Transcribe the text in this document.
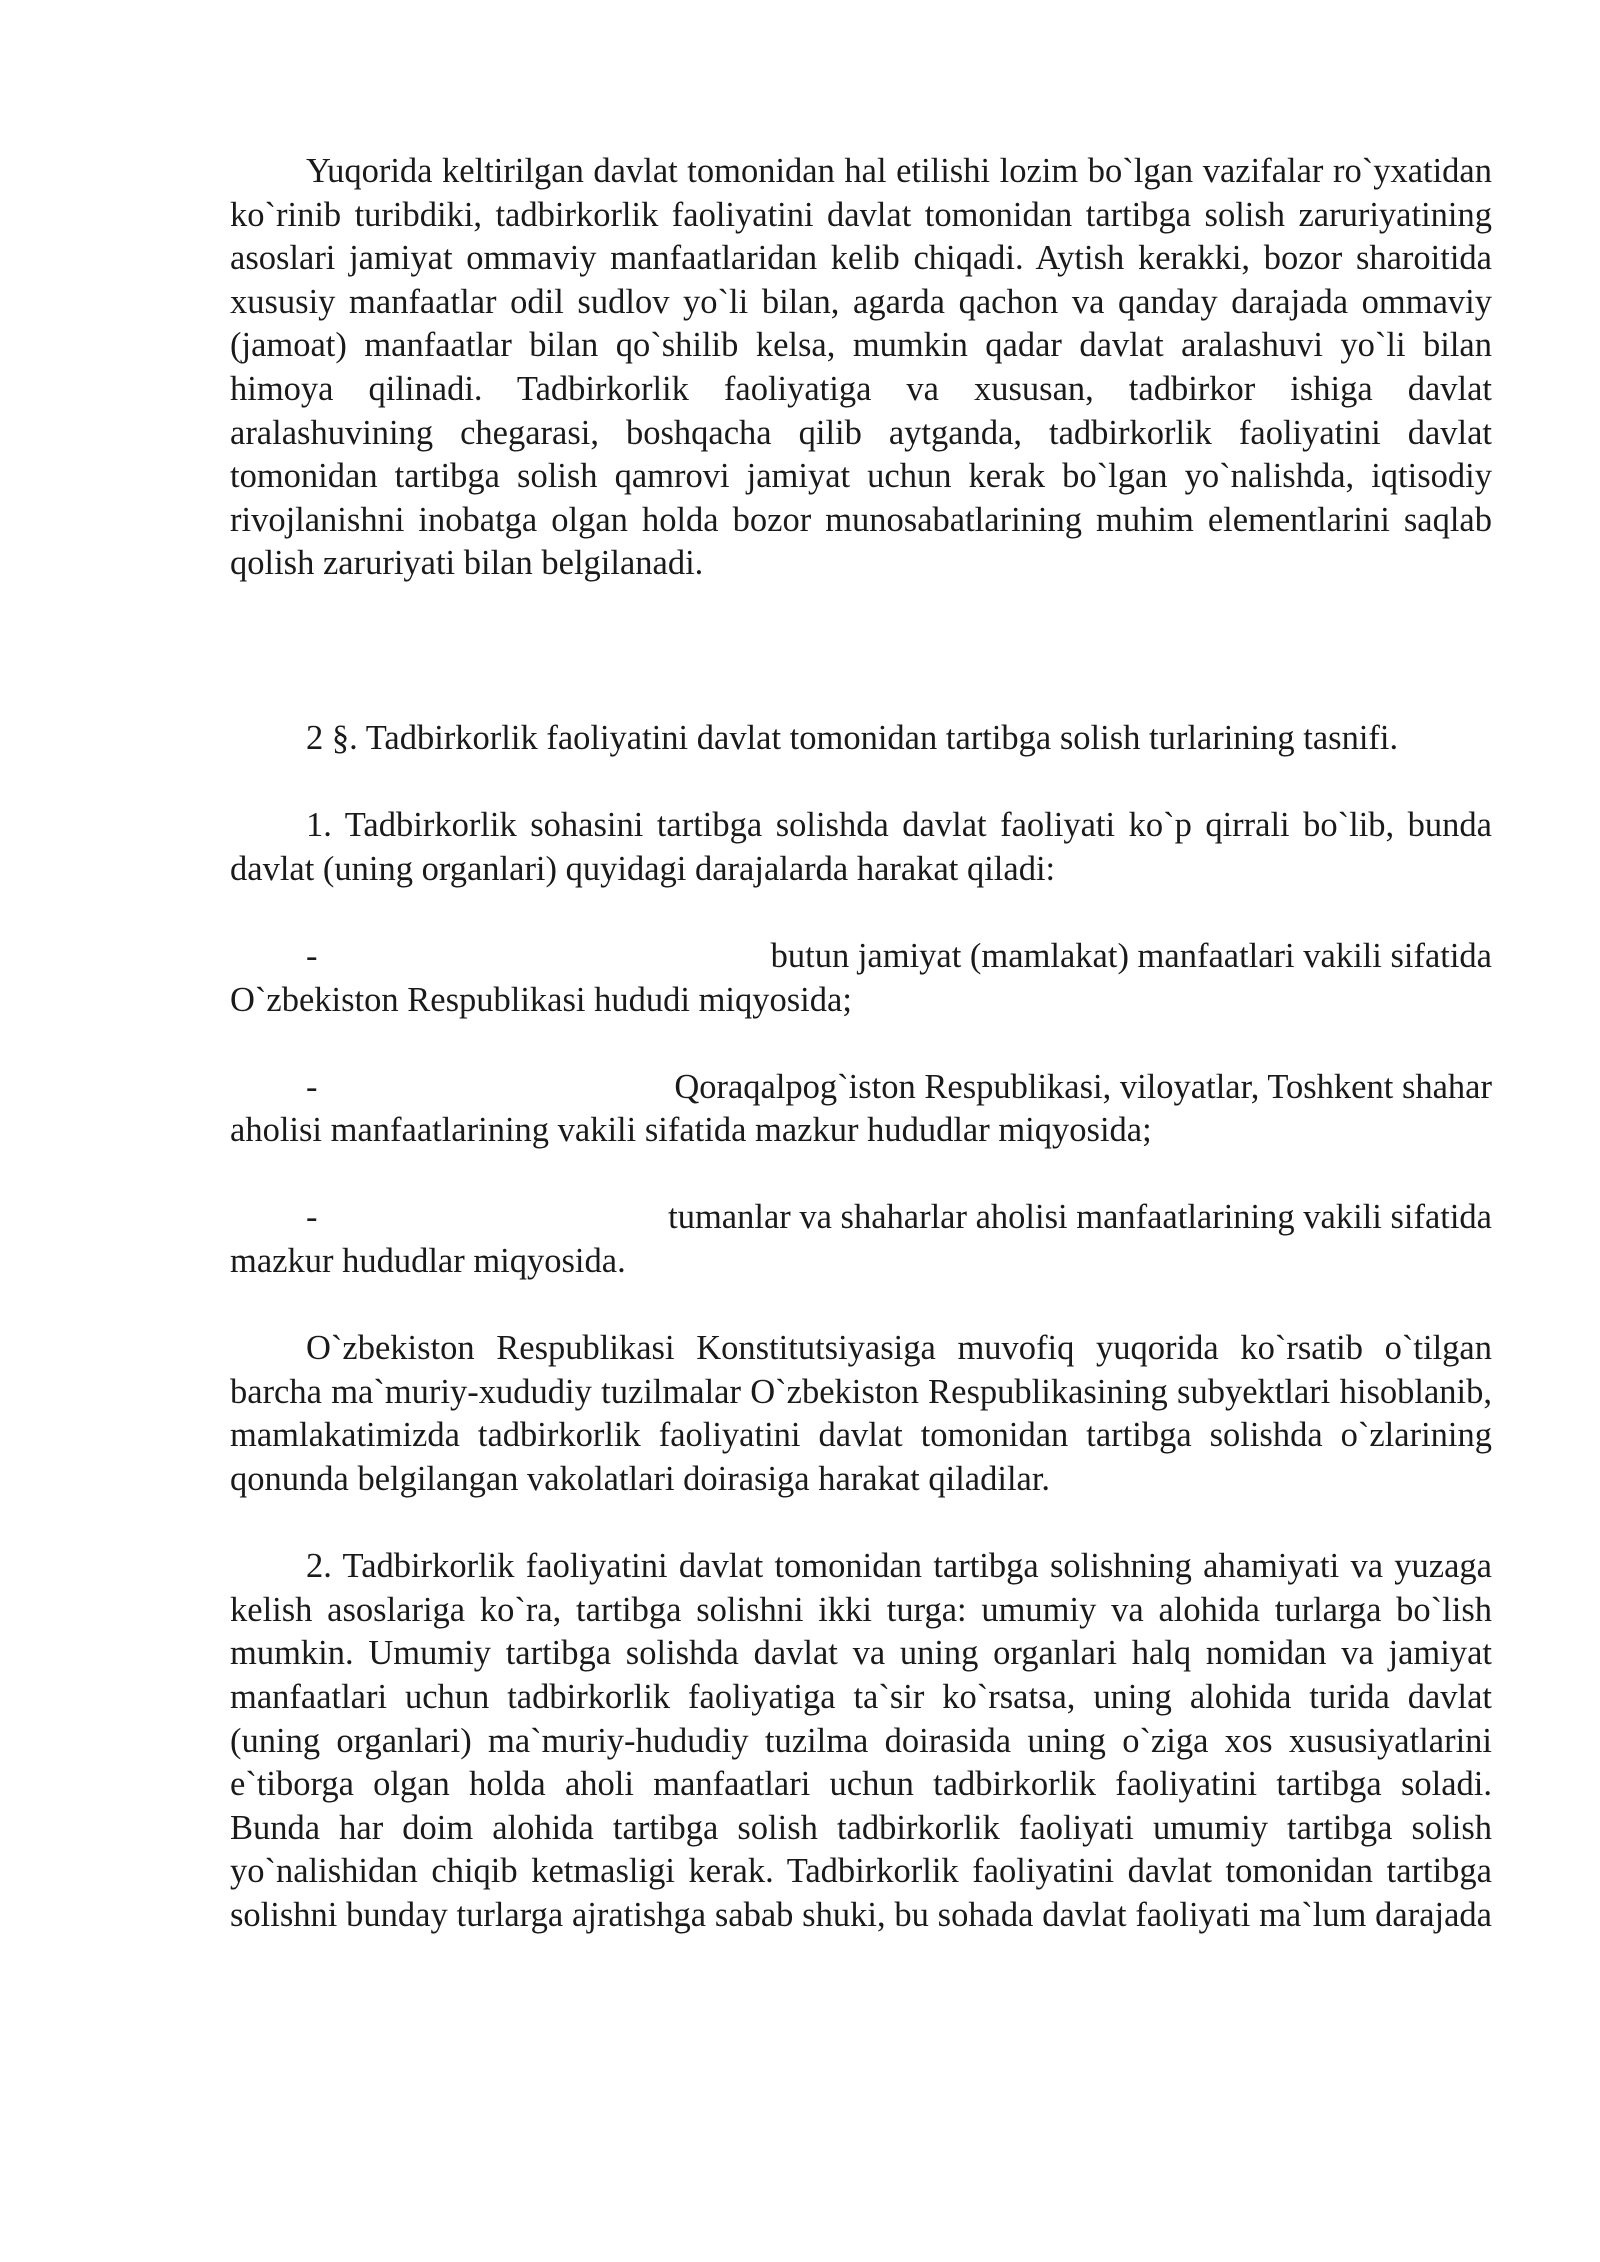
Yuqorida keltirilgan davlat tomonidan hal etilishi lozim bo`lgan vazifalar ro`yxatidan ko`rinib turibdiki, tadbirkorlik faoliyatini davlat tomonidan tartibga solish zaruriyatining asoslari jamiyat ommaviy manfaatlaridan kelib chiqadi. Aytish kerakki, bozor sharoitida xususiy manfaatlar odil sudlov yo`li bilan, agarda qachon va qanday darajada ommaviy (jamoat) manfaatlar bilan qo`shilib kelsa, mumkin qadar davlat aralashuvi yo`li bilan himoya qilinadi. Tadbirkorlik faoliyatiga va xususan, tadbirkor ishiga davlat aralashuvining chegarasi, boshqacha qilib aytganda, tadbirkorlik faoliyatini davlat tomonidan tartibga solish qamrovi jamiyat uchun kerak bo`lgan yo`nalishda, iqtisodiy rivojlanishni inobatga olgan holda bozor munosabatlarining muhim elementlarini saqlab qolish zaruriyati bilan belgilanadi.

2 §. Tadbirkorlik faoliyatini davlat tomonidan tartibga solish turlarining tasnifi.

1. Tadbirkorlik sohasini tartibga solishda davlat faoliyati ko`p qirrali bo`lib, bunda davlat (uning organlari) quyidagi darajalarda harakat qiladi:

-	butun jamiyat (mamlakat) manfaatlari vakili sifatida

O`zbekiston Respublikasi hududi miqyosida;

-	Qoraqalpog`iston Respublikasi, viloyatlar, Toshkent shahar

aholisi manfaatlarining vakili sifatida mazkur hududlar miqyosida;

-	tumanlar va shaharlar aholisi manfaatlarining vakili sifatida

mazkur hududlar miqyosida.

O`zbekiston Respublikasi Konstitutsiyasiga muvofiq yuqorida ko`rsatib o`tilgan barcha ma`muriy-xududiy tuzilmalar O`zbekiston Respublikasining subyektlari hisoblanib, mamlakatimizda tadbirkorlik faoliyatini davlat tomonidan tartibga solishda o`zlarining qonunda belgilangan vakolatlari doirasiga harakat qiladilar.

2. Tadbirkorlik faoliyatini davlat tomonidan tartibga solishning ahamiyati va yuzaga kelish asoslariga ko`ra, tartibga solishni ikki turga: umumiy va alohida turlarga bo`lish mumkin. Umumiy tartibga solishda davlat va uning organlari halq nomidan va jamiyat manfaatlari uchun tadbirkorlik faoliyatiga ta`sir ko`rsatsa, uning alohida turida davlat (uning organlari) ma`muriy-hududiy tuzilma doirasida uning o`ziga xos xususiyatlarini e`tiborga olgan holda aholi manfaatlari uchun tadbirkorlik faoliyatini tartibga soladi. Bunda har doim alohida tartibga solish tadbirkorlik faoliyati umumiy tartibga solish yo`nalishidan chiqib ketmasligi kerak. Tadbirkorlik faoliyatini davlat tomonidan tartibga solishni bunday turlarga ajratishga sabab shuki, bu sohada davlat faoliyati ma`lum darajada
